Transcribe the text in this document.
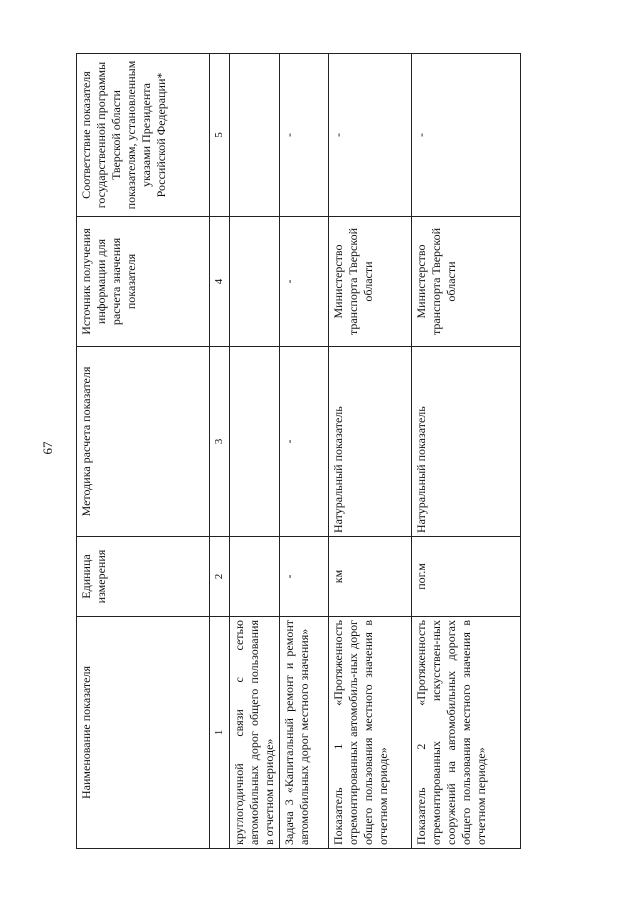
67
Наименование показателя	Единица измерения	Методика расчета показателя	Источник получения информации для расчета значения показателя	Соответствие показателя государственной программы Тверской области показателям, установленным указами Президента Российской Федерации*
1	2	3	4	5
круглогодичной связи с сетью автомобильных дорог общего пользования в отчетном периоде»				
Задача 3 «Капитальный ремонт и ремонт автомобильных дорог местного значения»	-	-	-	-
Показатель 1 «Протяженность отремонтированных автомобиль-ных дорог общего пользования местного значения в отчетном периоде»	км	Натуральный показатель	Министерство транспорта Тверской области	-
Показатель 2 «Протяженность отремонтированных искусствен-ных сооружений на автомобильных дорогах общего пользования местного значения в отчетном периоде»	пог.м	Натуральный показатель	Министерство транспорта Тверской области	-
